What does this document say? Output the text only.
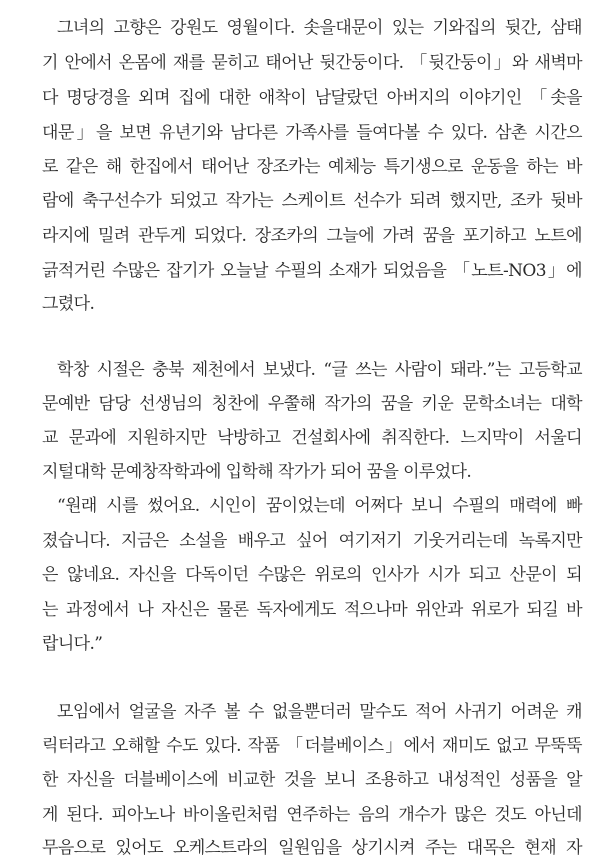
그녀의 고향은 강원도 영월이다. 솟을대문이 있는 기와집의 뒷간, 삼태
기 안에서 온몸에 재를 묻히고 태어난 뒷간둥이다. 「뒷간둥이」와 새벽마
다 명당경을 외며 집에 대한 애착이 남달랐던 아버지의 이야기인 「솟을
대문」을 보면 유년기와 남다른 가족사를 들여다볼 수 있다. 삼촌 시간으
로 같은 해 한집에서 태어난 장조카는 예체능 특기생으로 운동을 하는 바
람에 축구선수가 되었고 작가는 스케이트 선수가 되려 했지만, 조카 뒷바
라지에 밀려 관두게 되었다. 장조카의 그늘에 가려 꿈을 포기하고 노트에
긁적거린 수많은 잡기가 오늘날 수필의 소재가 되었음을 「노트-NO3」에
그렸다.
학창 시절은 충북 제천에서 보냈다. “글 쓰는 사람이 돼라.”는 고등학교
문예반 담당 선생님의 칭찬에 우쭐해 작가의 꿈을 키운 문학소녀는 대학
교 문과에 지원하지만 낙방하고 건설회사에 취직한다. 느지막이 서울디
지털대학 문예창작학과에 입학해 작가가 되어 꿈을 이루었다.
“원래 시를 썼어요. 시인이 꿈이었는데 어쩌다 보니 수필의 매력에 빠
졌습니다. 지금은 소설을 배우고 싶어 여기저기 기웃거리는데 녹록지만
은 않네요. 자신을 다독이던 수많은 위로의 인사가 시가 되고 산문이 되
는 과정에서 나 자신은 물론 독자에게도 적으나마 위안과 위로가 되길 바
랍니다.”
모임에서 얼굴을 자주 볼 수 없을뿐더러 말수도 적어 사귀기 어려운 캐
릭터라고 오해할 수도 있다. 작품 「더블베이스」에서 재미도 없고 무뚝뚝
한 자신을 더블베이스에 비교한 것을 보니 조용하고 내성적인 성품을 알
게 된다. 피아노나 바이올린처럼 연주하는 음의 개수가 많은 것도 아닌데
무음으로 있어도 오케스트라의 일원임을 상기시켜 주는 대목은 현재 자
